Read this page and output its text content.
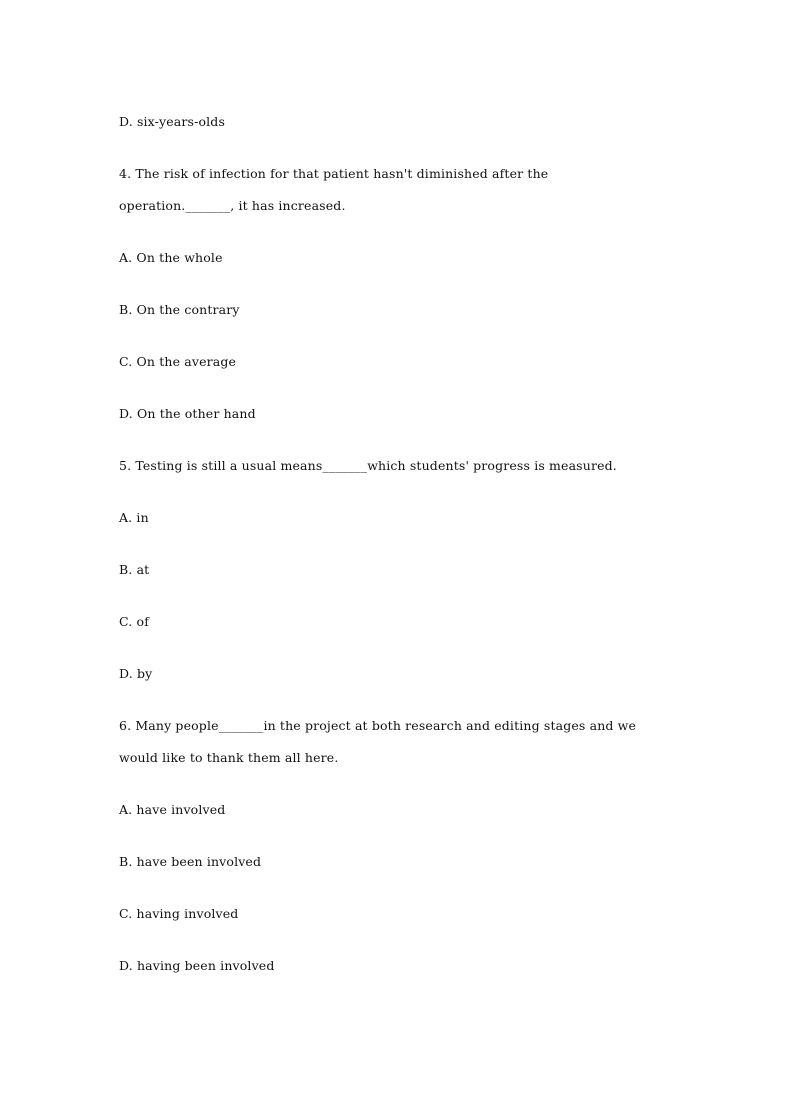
D. six-years-olds
4. The risk of infection for that patient hasn't diminished after the
operation._______, it has increased.
A. On the whole
B. On the contrary
C. On the average
D. On the other hand
5. Testing is still a usual means_______which students' progress is measured.
A. in
B. at
C. of
D. by
6. Many people_______in the project at both research and editing stages and we
would like to thank them all here.
A. have involved
B. have been involved
C. having involved
D. having been involved
